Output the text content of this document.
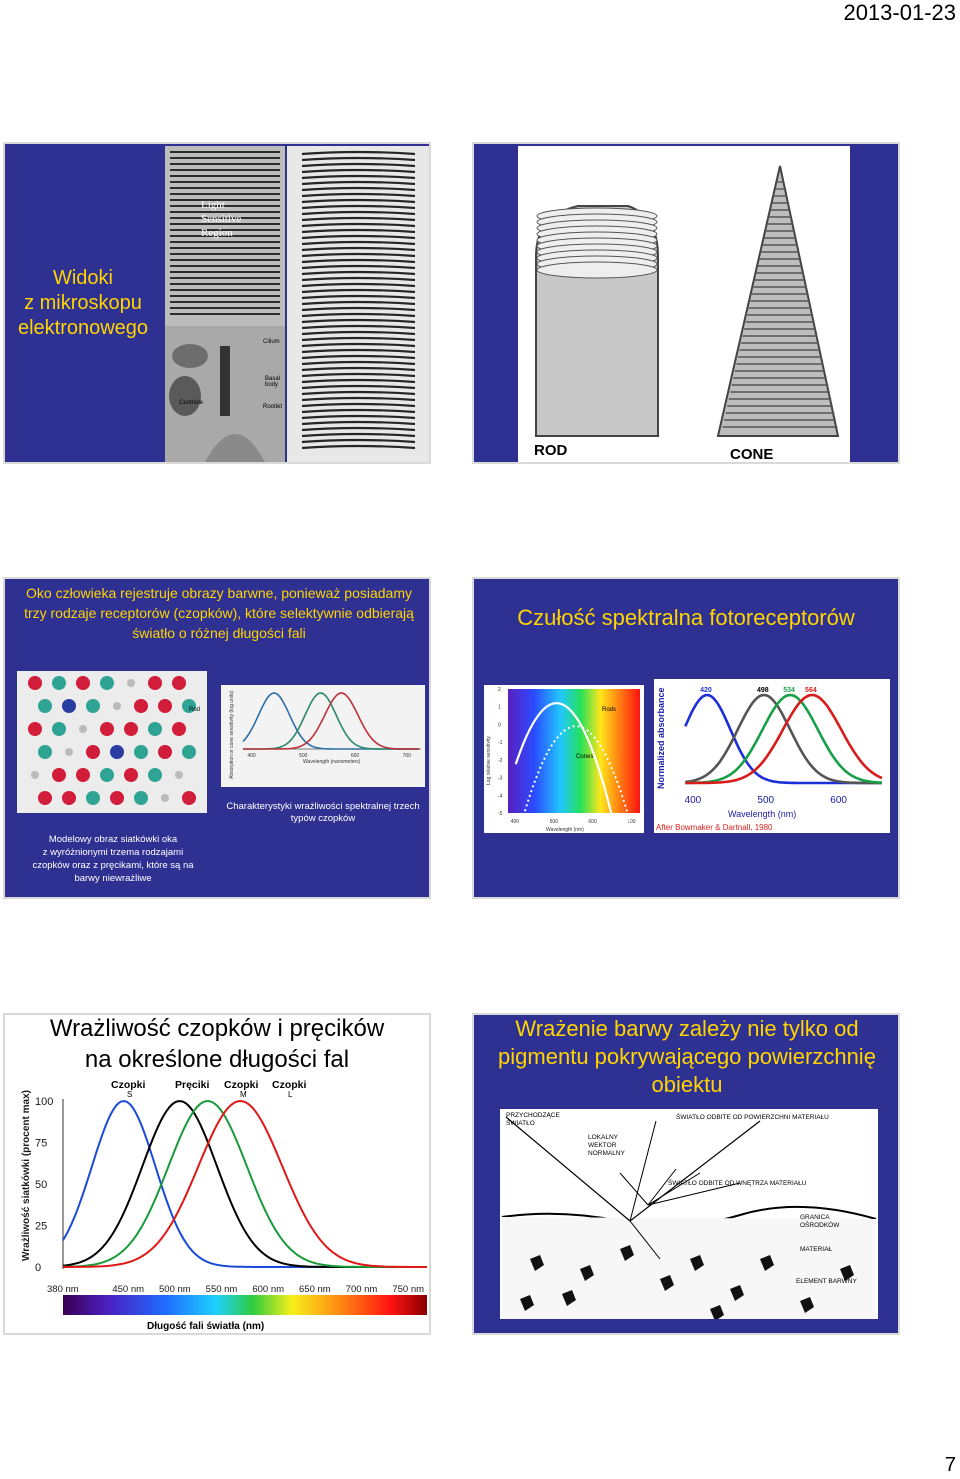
2013-01-23
Widoki
z mikroskopu
elektronowego
Light
Sensitive
Region
Cilium
Basal
body
Rootlet
Centriole
ROD	CONE
Oko człowieka rejestruje obrazy barwne, ponieważ posiadamy trzy rodzaje receptorów (czopków), które selektywnie odbierają światło o różnej długości fali
Rod
Modelowy obraz siatkówki oka
z wyróżnionymi trzema rodzajami czopków oraz z pręcikami, które są na barwy niewrażliwe
Absorption or cone sensitivity (log units)	Wavelength (nanometers)
400	500	600	700
Charakterystyki wrażliwości spektralnej trzech typów czopków
Czułość spektralna fotoreceptorów
2
1
0
-1
-2
-3
-4
-5
400	500	600	700
Log relative sensitivity
Wavelength (nm)
Rods
Cones	Normalized absorbance
Wavelength (nm)
After Bowmaker & Dartnall, 1980
420	498 534 564
400	500	600
Wrażliwość czopków i pręcików
na określone długości fal
Wrażliwość siatkówki (procent max)
Długość fali światła (nm)
100
75
50
25
0
380 nm	450 nm 500 nm 550 nm 600 nm 650 nm 700 nm 750 nm
Czopki
S
Pręciki Czopki
M
Czopki
L
Wrażenie barwy zależy nie tylko od pigmentu pokrywającego powierzchnię obiektu
PRZYCHODZĄCE ŚWIATŁO
LOKALNY WEKTOR NORMALNY
ŚWIATŁO ODBITE OD POWIERZCHNI MATERIAŁU
ŚWIATŁO ODBITE OD WNĘTRZA MATERIAŁU
GRANICA OŚRODKÓW
MATERIAŁ
ELEMENT BARWNY
7
